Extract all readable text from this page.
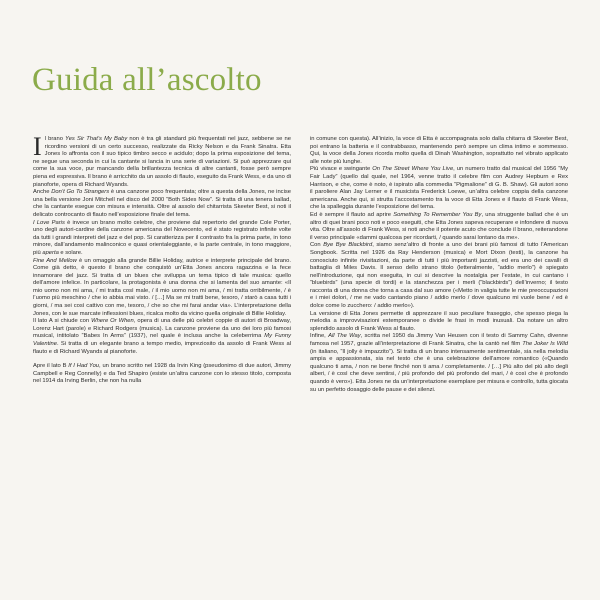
Guida all’ascolto

I l brano Yes Sir That’s My Baby non è tra gli standard più frequentati nel jazz, sebbene se ne ricordino versioni di un certo successo, realizzate da Ricky Nelson e da Frank Sinatra. Etta Jones lo affronta con il suo tipico timbro secco e acidulo; dopo la prima esposizione del tema, ne segue una seconda in cui la cantante si lancia in una serie di variazioni. Si può apprezzare qui come la sua voce, pur mancando della brillantezza tecnica di altre cantanti, fosse però sempre piena ed espressiva. Il brano è arricchito da un assolo di flauto, eseguito da Frank Wess, e da uno di pianoforte, opera di Richard Wyands.

Anche Don’t Go To Strangers è una canzone poco frequentata; oltre a questa della Jones, ne incise una bella versione Joni Mitchell nel disco del 2000 “Both Sides Now”. Si tratta di una tenera ballad, che la cantante esegue con misura e intensità. Oltre al assolo del chitarrista Skeeter Best, si noti il delicato controcanto di flauto nell’esposizione finale del tema.

I Love Paris è invece un brano molto celebre, che proviene dal repertorio del grande Cole Porter, uno degli autori-cardine della canzone americana del Novecento, ed è stato registrato infinite volte da tutti i grandi interpreti del jazz e del pop. Si caratterizza per il contrasto fra la prima parte, in tono minore, dall’andamento malinconico e quasi orientaleggiante, e la parte centrale, in tono maggiore, più aperta e solare.

Fine And Mellow è un omaggio alla grande Billie Holiday, autrice e interprete principale del brano. Come già detto, è questo il brano che conquistò un’Etta Jones ancora ragazzina e la fece innamorare del jazz. Si tratta di un blues che sviluppa un tema tipico di tale musica: quello dell’amore infelice. In particolare, la protagonista è una donna che si lamenta del suo amante: «Il mio uomo non mi ama, / mi tratta così male, / il mio uomo non mi ama, / mi tratta orribilmente, / è l’uomo più meschino / che io abbia mai visto. / […] Ma se mi tratti bene, tesoro, / starò a casa tutti i giorni, / ma sei così cattivo con me, tesoro, / che so che mi farai andar via». L’interpretazione della Jones, con le sue marcate inflessioni blues, ricalca molto da vicino quella originale di Billie Holiday.

Il lato A si chiude con Where Or When, opera di una delle più celebri coppie di autori di Broadway, Lorenz Hart (parole) e Richard Rodgers (musica). La canzone proviene da uno dei loro più famosi musical, intitolato “Babes In Arms” (1937), nel quale è inclusa anche la celeberrima My Funny Valentine. Si tratta di un elegante brano a tempo medio, impreziosito da assolo di Frank Wess al flauto e di Richard Wyands al pianoforte.

Apre il lato B If I Had You, un brano scritto nel 1928 da Irvin King (pseudonimo di due autori, Jimmy Campbell e Reg Connelly) e da Ted Shapiro (esiste un’altra canzone con lo stesso titolo, composta nel 1914 da Irving Berlin, che non ha nulla

in comune con questa). All’inizio, la voce di Etta è accompagnata solo dalla chitarra di Skeeter Best, poi entrano la batteria e il contrabbasso, mantenendo però sempre un clima intimo e sommesso. Qui, la voce della Jones ricorda molto quella di Dinah Washington, soprattutto nel vibrato applicato alle note più lunghe.

Più vivace e swingante On The Street Where You Live, un numero tratto dal musical del 1956 “My Fair Lady” (quello dal quale, nel 1964, venne tratto il celebre film con Audrey Hepburn e Rex Harrison, e che, come è noto, è ispirato alla commedia “Pigmalione” di G. B. Shaw). Gli autori sono il paroliere Alan Jay Lerner e il musicista Frederick Loewe, un’altra celebre coppia della canzone americana. Anche qui, si strutta l’accostamento tra la voce di Etta Jones e il flauto di Frank Wess, che la spalleggia durante l’esposizione del tema.

Ed è sempre il flauto ad aprire Something To Remember You By, una struggente ballad che è un altro di quei brani poco noti e poco eseguiti, che Etta Jones sapeva recuperare e infondere di nuova vita. Oltre all’assolo di Frank Wess, si noti anche il potente acuto che conclude il brano, reiterandone il verso principale «dammi qualcosa per ricordarti, / quando sarai lontano da me».

Con Bye Bye Blackbird, siamo senz’altro di fronte a uno dei brani più famosi di tutto l’American Songbook. Scritta nel 1926 da Ray Henderson (musica) e Mort Dixon (testi), la canzone ha conosciuto infinite rivisitazioni, da parte di tutti i più importanti jazzisti, ed era uno dei cavalli di battaglia di Miles Davis. Il senso dello strano titolo (letteralmente, “addio merlo”) è spiegato nell’introduzione, qui non eseguita, in cui si descrive la nostalgia per l’estate, in cui cantano i “bluebirds” (una specie di tordi) e la stanchezza per i merli (“blackbirds”) dell’inverno; il testo racconta di una donna che torna a casa dal suo amore («Metto in valigia tutte le mie preoccupazioni e i miei dolori, / me ne vado cantando piano / addio merlo / dove qualcuno mi vuole bene / ed è dolce come lo zucchero: / addio merlo»).

La versione di Etta Jones permette di apprezzare il suo peculiare fraseggio, che spesso piega la melodia a improvvisazioni estemporanee o divide le frasi in modi inusuali. Da notare un altro splendido assolo di Frank Wess al flauto.

Infine, All The Way, scritta nel 1950 da Jimmy Van Heusen con il testo di Sammy Cahn, divenne famosa nel 1957, grazie all’interpretazione di Frank Sinatra, che la cantò nel film The Joker Is Wild (in italiano, “Il jolly è impazzito”). Si tratta di un brano intensamente sentimentale, sia nella melodia ampia e appassionata, sia nel testo che è una celebrazione dell’amore romantico («Quando qualcuno ti ama, / non ne bene finché non ti ama / completamente. / […] Più alto del più alto degli alberi, / è così che deve sentirsi, / più profondo del più profondo del mari, / è così che è profondo quando è vero»). Etta Jones ne da un’interpretazione esemplare per misura e controllo, tutta giocata su un perfetto dosaggio delle pause e dei silenzi.
